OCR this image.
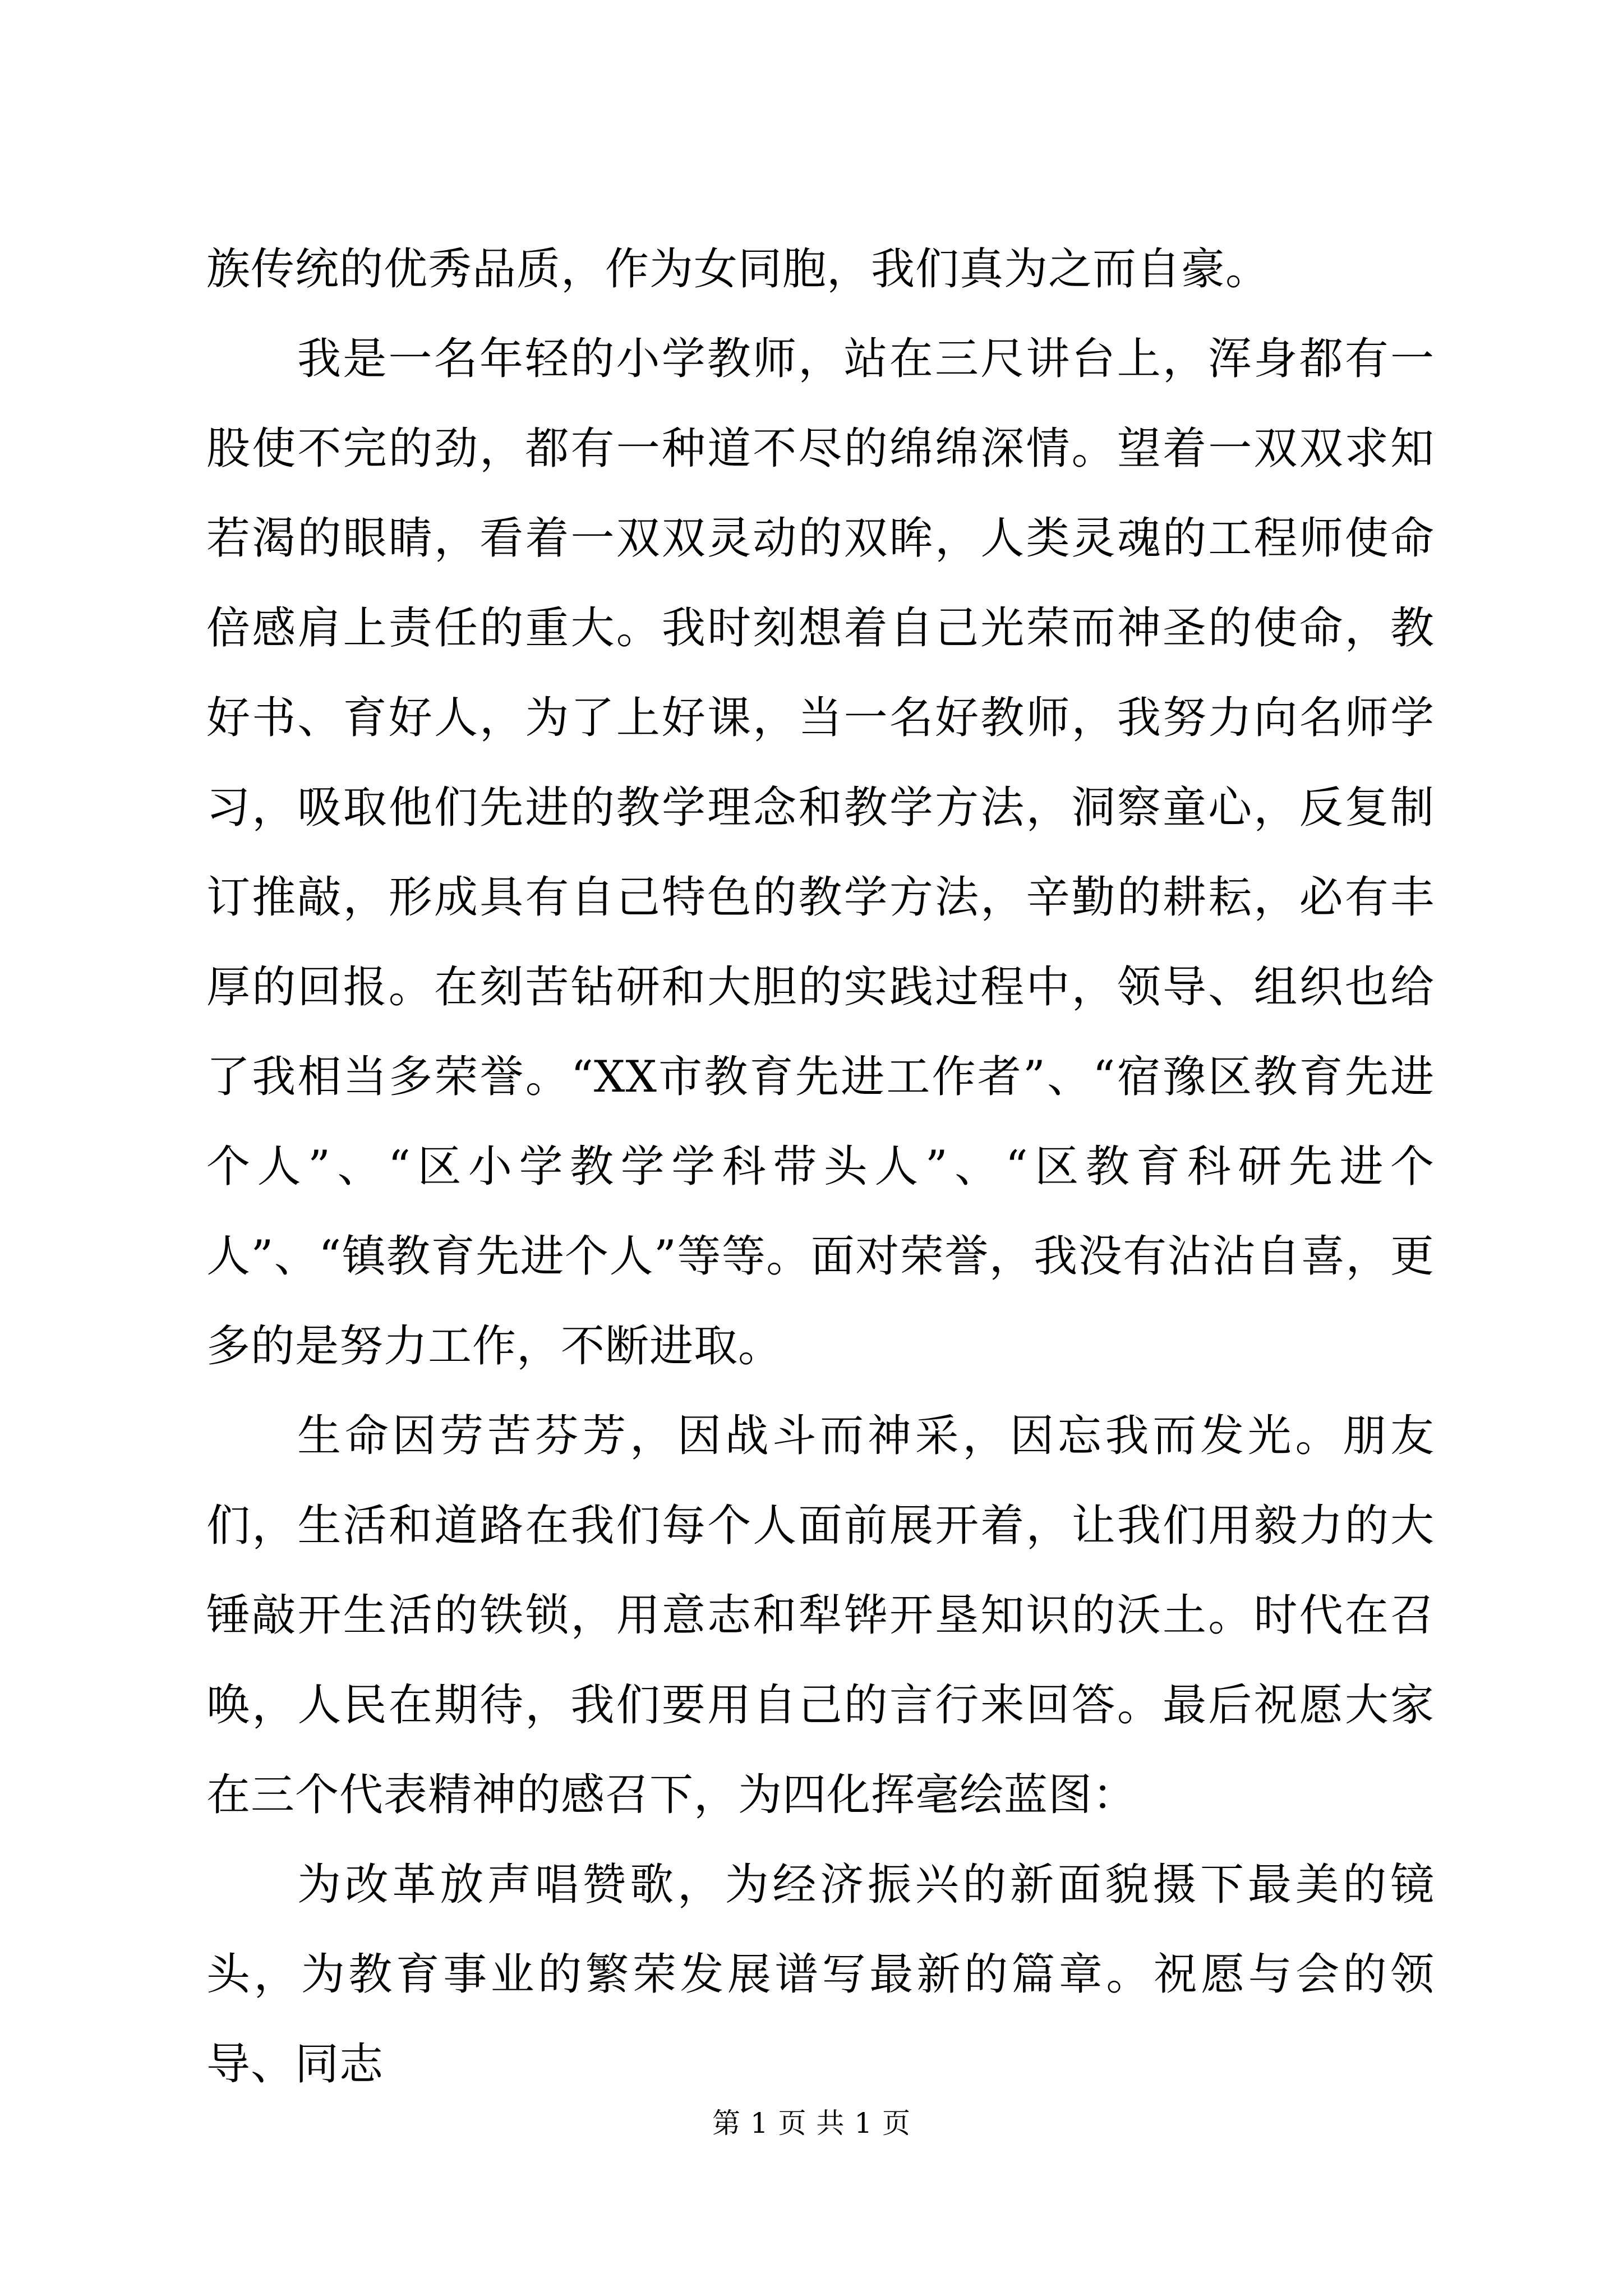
族传统的优秀品质，作为女同胞，我们真为之而自豪。

我是一名年轻的小学教师，站在三尺讲台上，浑身都有一股使不完的劲，都有一种道不尽的绵绵深情。望着一双双求知若渴的眼睛，看着一双双灵动的双眸，人类灵魂的工程师使命倍感肩上责任的重大。我时刻想着自己光荣而神圣的使命，教好书、育好人，为了上好课，当一名好教师，我努力向名师学习，吸取他们先进的教学理念和教学方法，洞察童心，反复制订推敲，形成具有自己特色的教学方法，辛勤的耕耘，必有丰厚的回报。在刻苦钻研和大胆的实践过程中，领导、组织也给了我相当多荣誉。“XX市教育先进工作者”、“宿豫区教育先进个人”、“区小学教学学科带头人”、“区教育科研先进个人”、“镇教育先进个人”等等。面对荣誉，我没有沾沾自喜，更多的是努力工作，不断进取。

生命因劳苦芬芳，因战斗而神采，因忘我而发光。朋友们，生活和道路在我们每个人面前展开着，让我们用毅力的大锤敲开生活的铁锁，用意志和犁铧开垦知识的沃土。时代在召唤，人民在期待，我们要用自己的言行来回答。最后祝愿大家在三个代表精神的感召下，为四化挥毫绘蓝图：

为改革放声唱赞歌，为经济振兴的新面貌摄下最美的镜头，为教育事业的繁荣发展谱写最新的篇章。祝愿与会的领导、同志

第 1 页 共 1 页
